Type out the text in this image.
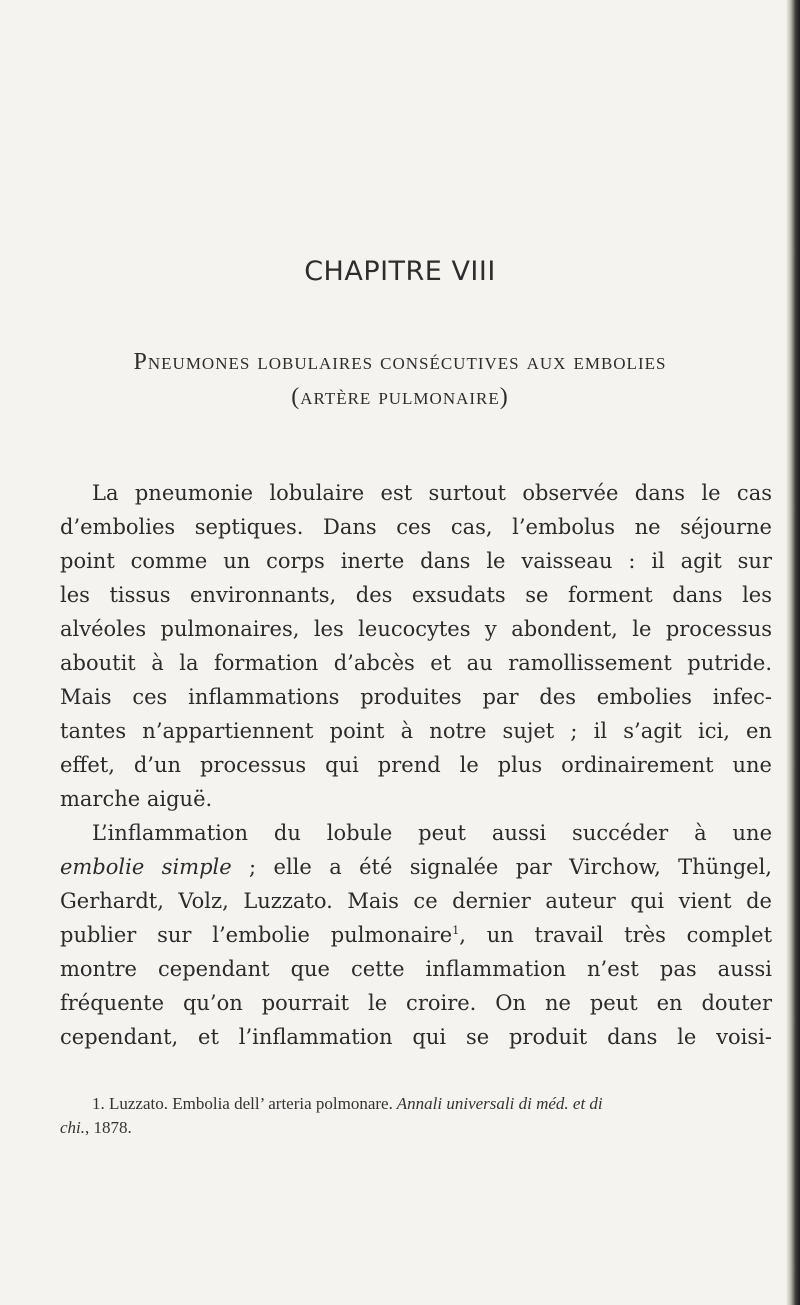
CHAPITRE VIII
Pneumones lobulaires consécutives aux embolies
(artère pulmonaire)
La pneumonie lobulaire est surtout observée dans le cas
d’embolies septiques. Dans ces cas, l’embolus ne séjourne
point comme un corps inerte dans le vaisseau : il agit sur
les tissus environnants, des exsudats se forment dans les
alvéoles pulmonaires, les leucocytes y abondent, le processus
aboutit à la formation d’abcès et au ramollissement putride.
Mais ces inflammations produites par des embolies infec-
tantes n’appartiennent point à notre sujet ; il s’agit ici, en
effet, d’un processus qui prend le plus ordinairement une
marche aiguë.
L’inflammation du lobule peut aussi succéder à une
embolie simple ; elle a été signalée par Virchow, Thüngel,
Gerhardt, Volz, Luzzato. Mais ce dernier auteur qui vient de
publier sur l’embolie pulmonaire$^1$, un travail très complet
montre cependant que cette inflammation n’est pas aussi
fréquente qu’on pourrait le croire. On ne peut en douter
cependant, et l’inflammation qui se produit dans le voisi-
1. Luzzato. Embolia dell’ arteria polmonare. Annali universali di méd. et di
chi., 1878.
